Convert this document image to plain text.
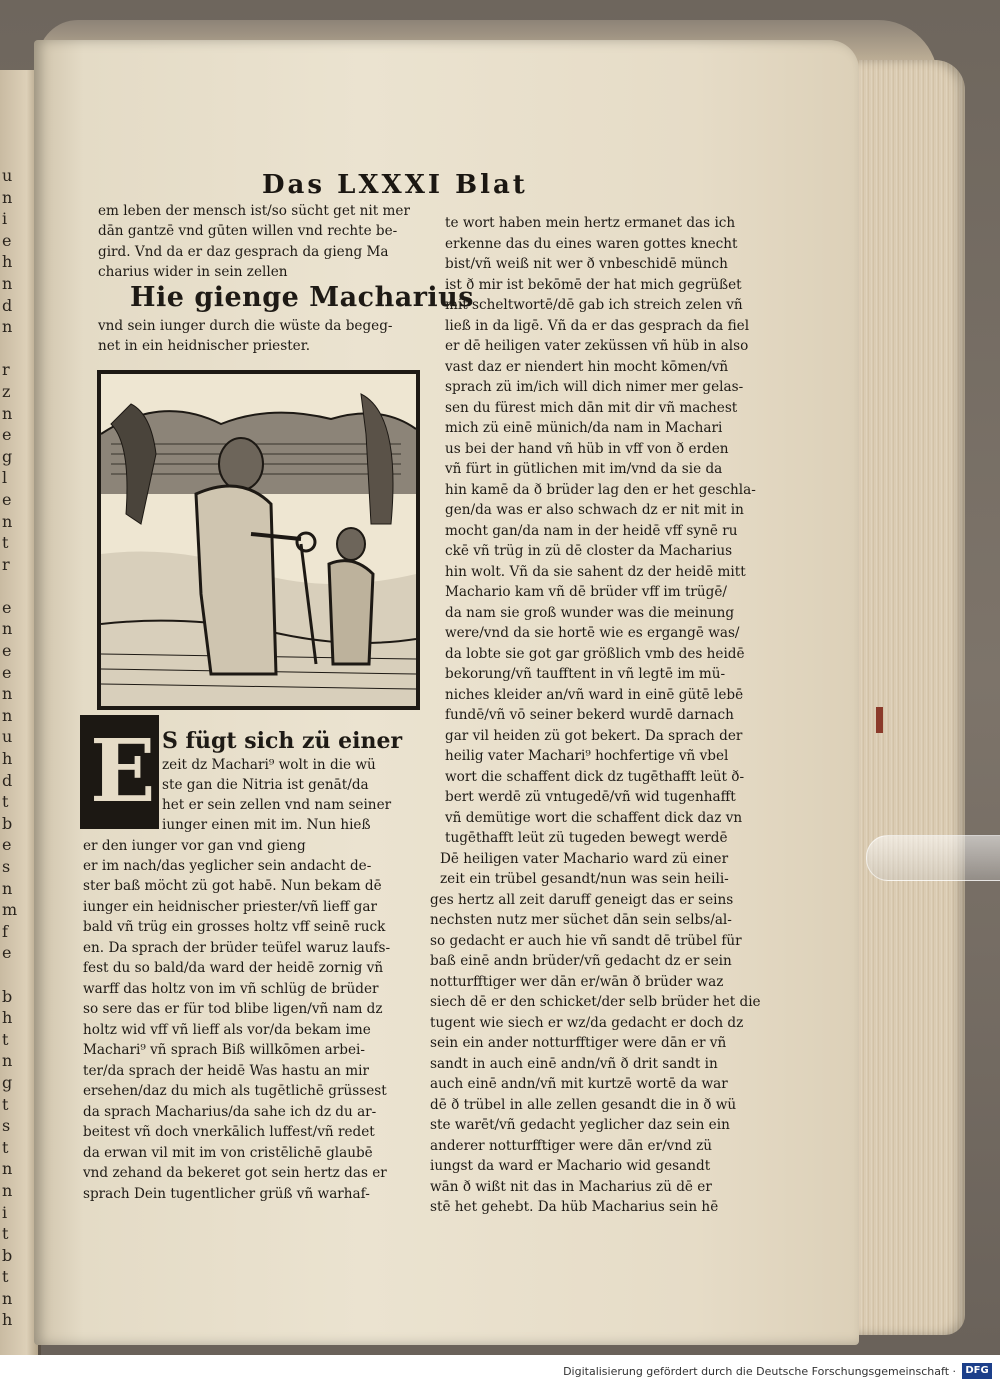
u
n
i
e
h
n
̄d
n

r
z
n
e
g
l
e
n
t
r

e
n
e
e
n
n
u
h
d
t
b
e
s
n
m
f
e

b
h
t
n
g
t
s
t
n
n
i
t
b
t
n
h
Das LXXXI Blat
em leben der mensch ist/so sücht get nit mer
dān gantzē vnd gūten willen vnd rechte be-
gird. Vnd da er daz gesprach da gieng Ma
charius wider in sein zellen
Hie gienge Macharius
vnd sein iunger durch die wüste da begeg-
net in ein heidnischer priester.
E S fügt sich zü einer
zeit dz Machari⁹ wolt in die wü
ste gan die Nitria ist genāt/da
het er sein zellen vnd nam seiner
iunger einen mit im. Nun hieß
er den iunger vor gan vnd gieng
er im nach/das yeglicher sein andacht de-
ster baß möcht zü got habē. Nun bekam dē
iunger ein heidnischer priester/vñ lieff gar
bald vñ trüg ein grosses holtz vff seinē ruck
en. Da sprach der brüder teüfel waruz laufs-
fest du so bald/da ward der heidē zornig vñ
warff das holtz von im vñ schlüg de brüder
so sere das er für tod blibe ligen/vñ nam dz
holtz wid vff vñ lieff als vor/da bekam ime
Machari⁹ vñ sprach Biß willkōmen arbei-
ter/da sprach der heidē Was hastu an mir
ersehen/daz du mich als tugētlichē grüssest
da sprach Macharius/da sahe ich dz du ar-
beitest vñ doch vnerkālich luffest/vñ redet
da erwan vil mit im von cristēlichē glaubē
vnd zehand da bekeret got sein hertz das er
sprach Dein tugentlicher grüß vñ warhaf-
te wort haben mein hertz ermanet das ich
erkenne das du eines waren gottes knecht
bist/vñ weiß nit wer ð vnbeschidē münch
ist ð mir ist bekōmē der hat mich gegrüßet
mit scheltwortē/dē gab ich streich zelen vñ
ließ in da ligē. Vñ da er das gesprach da fiel
er dē heiligen vater zeküssen vñ hüb in also
vast daz er niendert hin mocht kōmen/vñ
sprach zü im/ich will dich nimer mer gelas-
sen du fürest mich dān mit dir vñ machest
mich zü einē münich/da nam in Machari
us bei der hand vñ hüb in vff von ð erden
vñ fürt in gütlichen mit im/vnd da sie da
hin kamē da ð brüder lag den er het geschla-
gen/da was er also schwach dz er nit mit in
mocht gan/da nam in der heidē vff synē ru
ckē vñ trüg in zü dē closter da Macharius
hin wolt. Vñ da sie sahent dz der heidē mitt
Machario kam vñ dē brüder vff im trügē/
da nam sie groß wunder was die meinung
were/vnd da sie hortē wie es ergangē was/
da lobte sie got gar größlich vmb des heidē
bekorung/vñ taufftent in vñ legtē im mü-
niches kleider an/vñ ward in einē gütē lebē
fundē/vñ vō seiner bekerd wurdē darnach
gar vil heiden zü got bekert. Da sprach der
heilig vater Machari⁹ hochfertige vñ vbel
wort die schaffent dick dz tugēthafft leüt ð-
bert werdē zü vntugedē/vñ wid tugenhafft
vñ demütige wort die schaffent dick daz vn
tugēthafft leüt zü tugeden bewegt werdē
Dē heiligen vater Machario ward zü einer
zeit ein trübel gesandt/nun was sein heili-
ges hertz all zeit daruff geneigt das er seins
nechsten nutz mer süchet dān sein selbs/al-
so gedacht er auch hie vñ sandt dē trübel für
baß einē andn brüder/vñ gedacht dz er sein
notturfftiger wer dān er/wān ð brüder waz
siech dē er den schicket/der selb brüder het die
tugent wie siech er wz/da gedacht er doch dz
sein ein ander notturfftiger were dān er vñ
sandt in auch einē andn/vñ ð drit sandt in
auch einē andn/vñ mit kurtzē wortē da war
dē ð trübel in alle zellen gesandt die in ð wü
ste warēt/vñ gedacht yeglicher daz sein ein
anderer notturfftiger were dān er/vnd zü
iungst da ward er Machario wid gesandt
wān ð wißt nit das in Macharius zü dē er
stē het gehebt. Da hüb Macharius sein hē
Digitalisierung gefördert durch die Deutsche Forschungsgemeinschaft · DFG
